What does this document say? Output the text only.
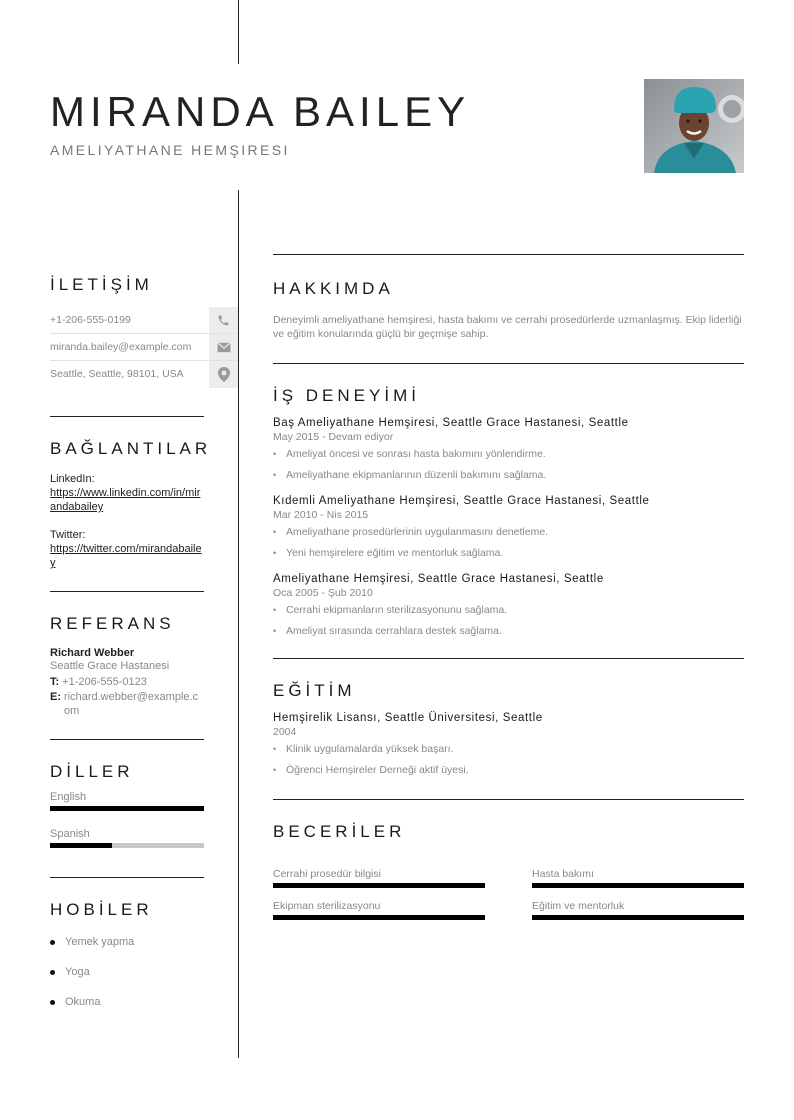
MIRANDA BAILEY
AMELIYATHANE HEMŞIRESI
İLETİŞİM
+1-206-555-0199
miranda.bailey@example.com
Seattle, Seattle, 98101, USA
BAĞLANTILAR
LinkedIn:
https://www.linkedin.com/in/mirandabailey
Twitter:
https://twitter.com/mirandabailey
REFERANS
Richard Webber
Seattle Grace Hastanesi
T: +1-206-555-0123
E: richard.webber@example.com
DİLLER
English
Spanish
HOBİLER
Yemek yapma
Yoga
Okuma
HAKKIMDA

Deneyimli ameliyathane hemşiresi, hasta bakımı ve cerrahi prosedürlerde uzmanlaşmış. Ekip liderliği ve eğitim konularında güçlü bir geçmişe sahip.

İŞ DENEYİMİ
Baş Ameliyathane Hemşiresi, Seattle Grace Hastanesi, Seattle
May 2015 - Devam ediyor
• Ameliyat öncesi ve sonrası hasta bakımını yönlendirme.
• Ameliyathane ekipmanlarının düzenli bakımını sağlama.
Kıdemli Ameliyathane Hemşiresi, Seattle Grace Hastanesi, Seattle
Mar 2010 - Nis 2015
• Ameliyathane prosedürlerinin uygulanmasını denetleme.
• Yeni hemşirelere eğitim ve mentorluk sağlama.
Ameliyathane Hemşiresi, Seattle Grace Hastanesi, Seattle
Oca 2005 - Şub 2010
• Cerrahi ekipmanların sterilizasyonunu sağlama.
• Ameliyat sırasında cerrahlara destek sağlama.
EĞİTİM
Hemşirelik Lisansı, Seattle Üniversitesi, Seattle
2004
• Klinik uygulamalarda yüksek başarı.
• Öğrenci Hemşireler Derneği aktif üyesi.
BECERİLER
Cerrahi prosedür bilgisi	Hasta bakımı
Ekipman sterilizasyonu	Eğitim ve mentorluk
